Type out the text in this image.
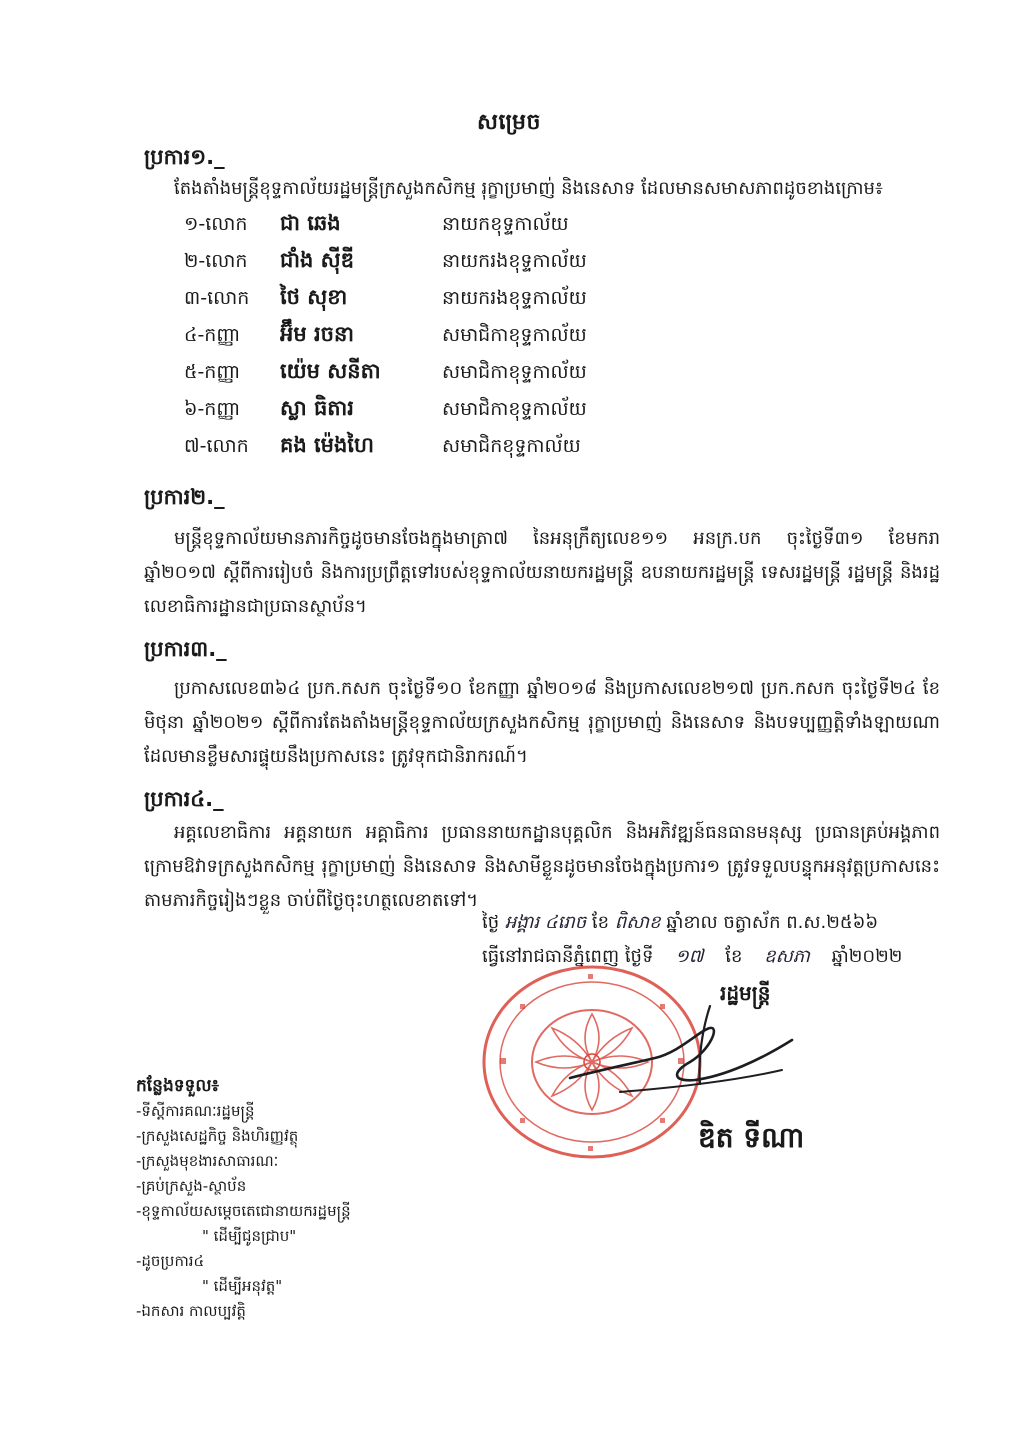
សម្រេច
ប្រការ១._
តែងតាំងមន្ត្រីខុទ្ទកាល័យរដ្ឋមន្ត្រីក្រសួងកសិកម្ម រុក្ខាប្រមាញ់ និងនេសាទ ដែលមានសមាសភាពដូចខាងក្រោម៖
១-លោក ជា ឆេង	នាយកខុទ្ទកាល័យ
២-លោក ជាំង ស៊ីឌី	នាយករងខុទ្ទកាល័យ
៣-លោក ថៃ សុខា	នាយករងខុទ្ទកាល័យ
៤-កញ្ញា អ៊ឹម រចនា	សមាជិកាខុទ្ទកាល័យ
៥-កញ្ញា យ៉េម សនីតា	សមាជិកាខុទ្ទកាល័យ
៦-កញ្ញា ស្លា ធិតារ	សមាជិកាខុទ្ទកាល័យ
៧-លោក គង ម៉េងហៃ	សមាជិកខុទ្ទកាល័យ
ប្រការ២._
មន្ត្រីខុទ្ទកាល័យមានភារកិច្ចដូចមានចែងក្នុងមាត្រា៧ នៃអនុក្រឹត្យលេខ១១ អនក្រ.បក ចុះថ្ងៃទី៣១ ខែមករា ឆ្នាំ២០១៧ ស្តីពីការរៀបចំ និងការប្រព្រឹត្តទៅរបស់ខុទ្ទកាល័យនាយករដ្ឋមន្ត្រី ឧបនាយករដ្ឋមន្ត្រី ទេសរដ្ឋមន្ត្រី រដ្ឋមន្ត្រី និងរដ្ឋលេខាធិការដ្ឋានជាប្រធានស្ថាប័ន។
ប្រការ៣._
ប្រកាសលេខ៣៦៤ ប្រក.កសក ចុះថ្ងៃទី១០ ខែកញ្ញា ឆ្នាំ២០១៨ និងប្រកាសលេខ២១៧ ប្រក.កសក ចុះថ្ងៃទី២៤ ខែមិថុនា ឆ្នាំ២០២១ ស្តីពីការតែងតាំងមន្ត្រីខុទ្ទកាល័យក្រសួងកសិកម្ម រុក្ខាប្រមាញ់ និងនេសាទ និងបទប្បញ្ញត្តិទាំងឡាយណាដែលមានខ្លឹមសារផ្ទុយនឹងប្រកាសនេះ ត្រូវទុកជានិរាករណ៍។
ប្រការ៤._
អគ្គលេខាធិការ អគ្គនាយក អគ្គាធិការ ប្រធាននាយកដ្ឋានបុគ្គលិក និងអភិវឌ្ឍន៍ធនធានមនុស្ស ប្រធានគ្រប់អង្គភាពក្រោមឱវាទក្រសួងកសិកម្ម រុក្ខាប្រមាញ់ និងនេសាទ និងសាមីខ្លួនដូចមានចែងក្នុងប្រការ១ ត្រូវទទួលបន្ទុកអនុវត្តប្រកាសនេះ តាមភារកិច្ចរៀងៗខ្លួន ចាប់ពីថ្ងៃចុះហត្ថលេខាតទៅ។
ថ្ងៃ អង្គារ ៤រោច ខែ ពិសាខ ឆ្នាំខាល ចត្វាស័ក ព.ស.២៥៦៦
ធ្វើនៅរាជធានីភ្នំពេញ ថ្ងៃទី ១៧ ខែ ឧសភា ឆ្នាំ២០២២
រដ្ឋមន្ត្រី
ឌិត ទីណា
កន្លែងទទួល៖
-ទីស្តីការគណៈរដ្ឋមន្ត្រី
-ក្រសួងសេដ្ឋកិច្ច និងហិរញ្ញវត្ថុ
-ក្រសួងមុខងារសាធារណៈ
-គ្រប់ក្រសួង-ស្ថាប័ន
-ខុទ្ទកាល័យសម្តេចតេជោនាយករដ្ឋមន្ត្រី
" ដើម្បីជូនជ្រាប"
-ដូចប្រការ៤
" ដើម្បីអនុវត្ត"
-ឯកសារ កាលប្បវត្តិ
